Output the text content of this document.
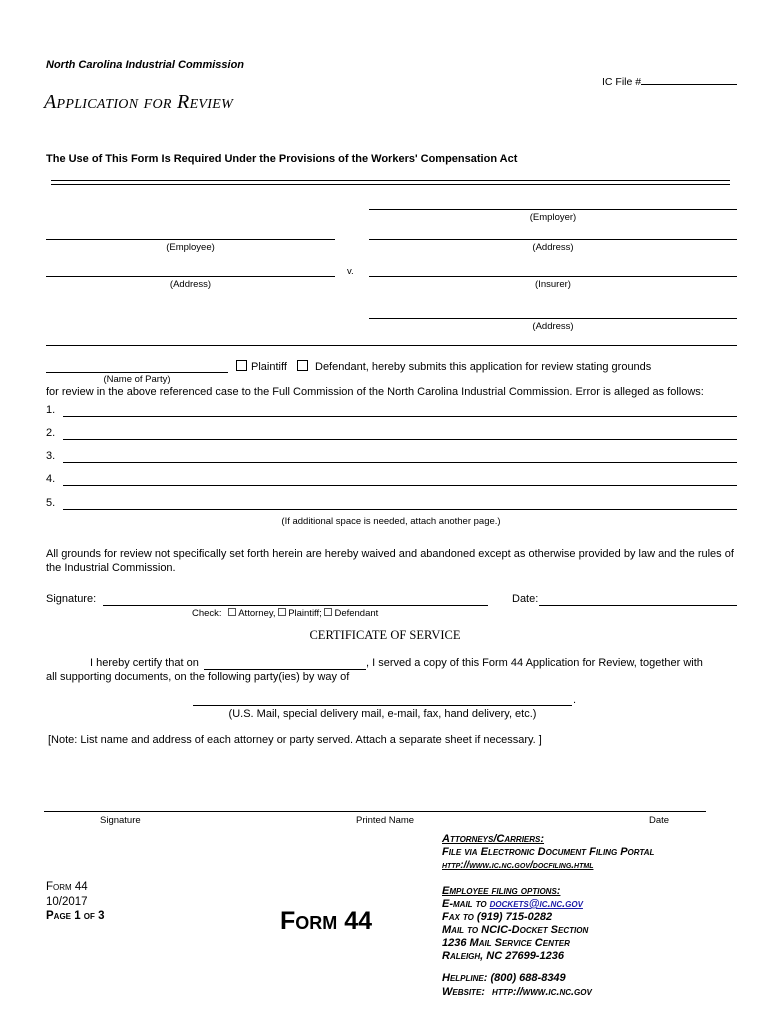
North Carolina Industrial Commission
IC File #
Application for Review
The Use of This Form Is Required Under the Provisions of the Workers' Compensation Act
(Employer)
(Employee)	(Address)
v.
(Address)	(Insurer)
(Address)
(Name of Party)
Plaintiff	Defendant, hereby submits this application for review stating grounds
for review in the above referenced case to the Full Commission of the North Carolina Industrial Commission. Error is alleged as follows:
1.
2.
3.
4.
5.
(If additional space is needed, attach another page.)
All grounds for review not specifically set forth herein are hereby waived and abandoned except as otherwise provided by law and the rules of the Industrial Commission.
Signature:	Date:
Check: Attorney, Plaintiff; Defendant
CERTIFICATE OF SERVICE
I hereby certify that on	, I served a copy of this Form 44 Application for Review, together with
all supporting documents, on the following party(ies) by way of
.
(U.S. Mail, special delivery mail, e-mail, fax, hand delivery, etc.)
[Note: List name and address of each attorney or party served. Attach a separate sheet if necessary. ]
Signature	Printed Name	Date
Form 44
10/2017
Page 1 of 3	Form 44
Attorneys/Carriers:
File via Electronic Document Filing Portal
http://www.ic.nc.gov/docfiling.html
Employee filing options:
E-mail to dockets@ic.nc.gov
Fax to (919) 715-0282
Mail to NCIC-Docket Section
1236 Mail Service Center
Raleigh, NC 27699-1236
Helpline: (800) 688-8349
Website: http://www.ic.nc.gov
